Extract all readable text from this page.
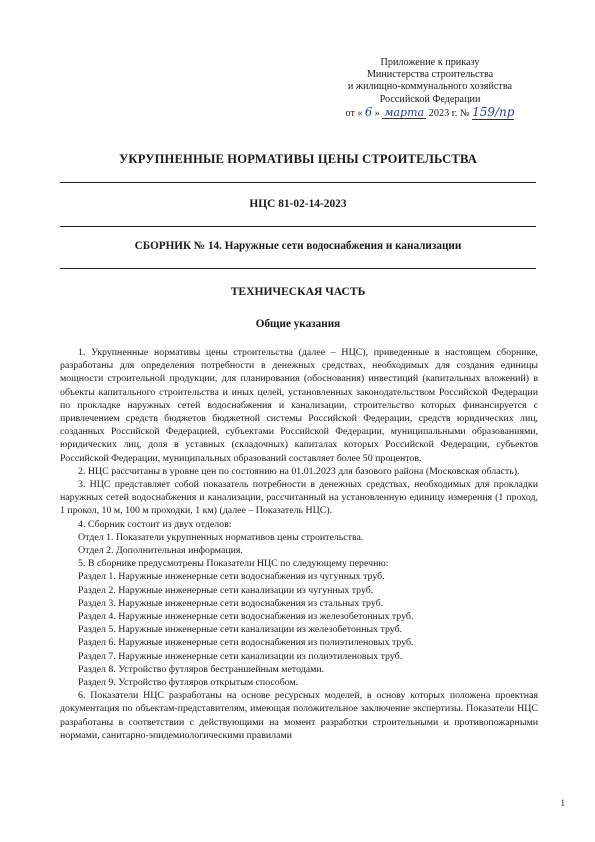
Приложение к приказу
Министерства строительства
и жилищно-коммунального хозяйства
Российской Федерации
от « 6 » марта 2023 г. № 159/пр
УКРУПНЕННЫЕ НОРМАТИВЫ ЦЕНЫ СТРОИТЕЛЬСТВА
НЦС 81-02-14-2023
СБОРНИК № 14. Наружные сети водоснабжения и канализации
ТЕХНИЧЕСКАЯ ЧАСТЬ
Общие указания

1. Укрупненные нормативы цены строительства (далее – НЦС), приведенные в настоящем сборнике, разработаны для определения потребности в денежных средствах, необходимых для создания единицы мощности строительной продукции, для планирования (обоснования) инвестиций (капитальных вложений) в объекты капитального строительства и иных целей, установленных законодательством Российской Федерации по прокладке наружных сетей водоснабжения и канализации, строительство которых финансируется с привлечением средств бюджетов бюджетной системы Российской Федерации, средств юридических лиц, созданных Российской Федерацией, субъектами Российской Федерации, муниципальными образованиями, юридических лиц, доля в уставных (складочных) капиталах которых Российской Федерации, субъектов Российской Федерации, муниципальных образований составляет более 50 процентов.

2. НЦС рассчитаны в уровне цен по состоянию на 01.01.2023 для базового района (Московская область).

3. НЦС представляет собой показатель потребности в денежных средствах, необходимых для прокладки наружных сетей водоснабжения и канализации, рассчитанный на установленную единицу измерения (1 проход, 1 прокол, 10 м, 100 м проходки, 1 км) (далее – Показатель НЦС).

4. Сборник состоит из двух отделов:

Отдел 1. Показатели укрупненных нормативов цены строительства.

Отдел 2. Дополнительная информация.

5. В сборнике предусмотрены Показатели НЦС по следующему перечню:

Раздел 1. Наружные инженерные сети водоснабжения из чугунных труб.

Раздел 2. Наружные инженерные сети канализации из чугунных труб.

Раздел 3. Наружные инженерные сети водоснабжения из стальных труб.

Раздел 4. Наружные инженерные сети водоснабжения из железобетонных труб.

Раздел 5. Наружные инженерные сети канализации из железобетонных труб.

Раздел 6. Наружные инженерные сети водоснабжения из полиэтиленовых труб.

Раздел 7. Наружные инженерные сети канализации из полиэтиленовых труб.

Раздел 8. Устройство футляров бестраншейным методами.

Раздел 9. Устройство футляров открытым способом.

6. Показатели НЦС разработаны на основе ресурсных моделей, в основу которых положена проектная документация по объектам-представителям, имеющая положительное заключение экспертизы. Показатели НЦС разработаны в соответствии с действующими на момент разработки строительными и противопожарными нормами, санитарно-эпидемиологическими правилами

1
